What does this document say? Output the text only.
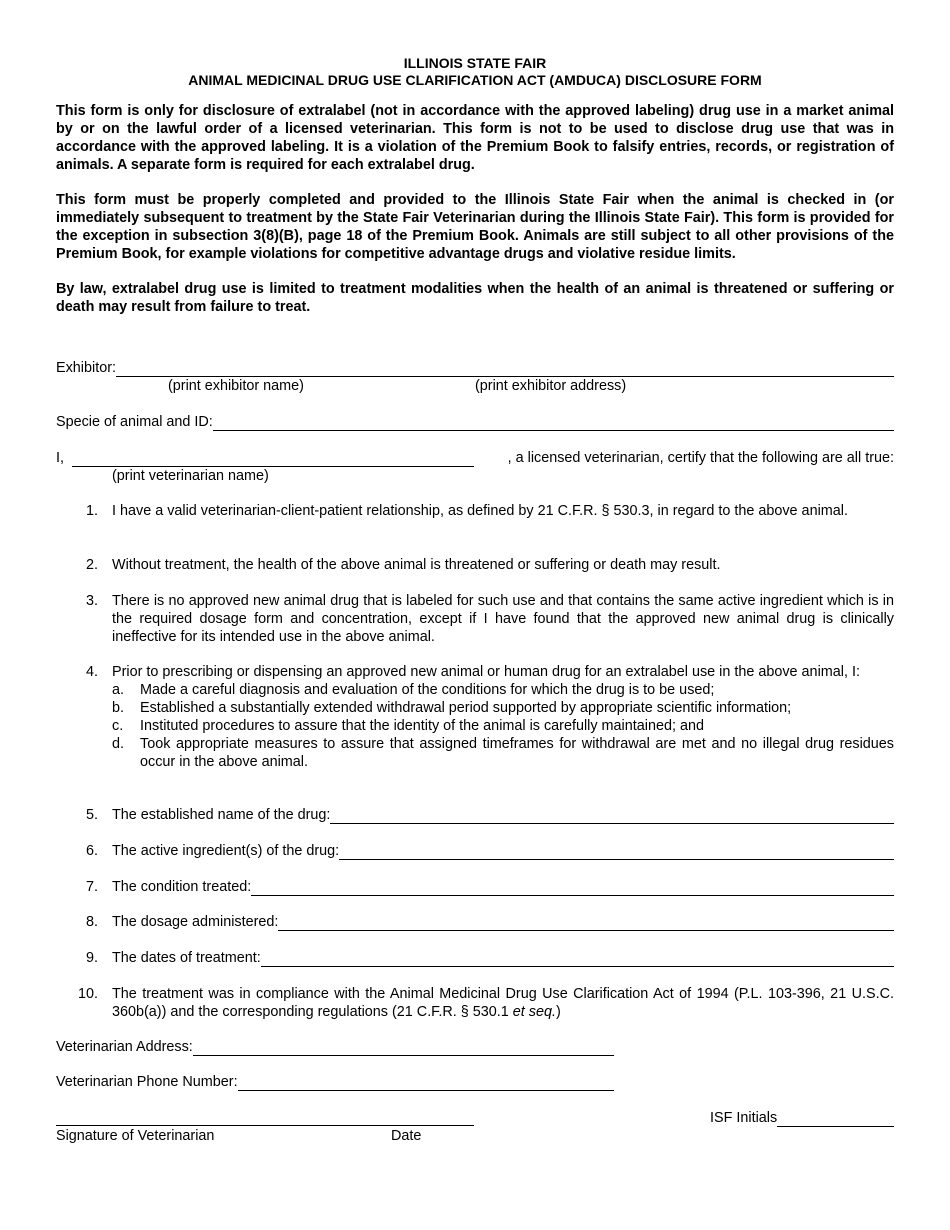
ILLINOIS STATE FAIR
ANIMAL MEDICINAL DRUG USE CLARIFICATION ACT (AMDUCA) DISCLOSURE FORM

This form is only for disclosure of extralabel (not in accordance with the approved labeling) drug use in a market animal by or on the lawful order of a licensed veterinarian. This form is not to be used to disclose drug use that was in accordance with the approved labeling. It is a violation of the Premium Book to falsify entries, records, or registration of animals. A separate form is required for each extralabel drug.

This form must be properly completed and provided to the Illinois State Fair when the animal is checked in (or immediately subsequent to treatment by the State Fair Veterinarian during the Illinois State Fair). This form is provided for the exception in subsection 3(8)(B), page 18 of the Premium Book. Animals are still subject to all other provisions of the Premium Book, for example violations for competitive advantage drugs and violative residue limits.

By law, extralabel drug use is limited to treatment modalities when the health of an animal is threatened or suffering or death may result from failure to treat.

Exhibitor:
(print exhibitor name)	(print exhibitor address)
Specie of animal and ID:
I,	, a licensed veterinarian, certify that the following are all true:
(print veterinarian name)
1. I have a valid veterinarian-client-patient relationship, as defined by 21 C.F.R. § 530.3, in regard to the above animal.
2. Without treatment, the health of the above animal is threatened or suffering or death may result.
3. There is no approved new animal drug that is labeled for such use and that contains the same active ingredient which is in the required dosage form and concentration, except if I have found that the approved new animal drug is clinically ineffective for its intended use in the above animal.
4. Prior to prescribing or dispensing an approved new animal or human drug for an extralabel use in the above animal, I:
a.	Made a careful diagnosis and evaluation of the conditions for which the drug is to be used;
b.	Established a substantially extended withdrawal period supported by appropriate scientific information;
c.	Instituted procedures to assure that the identity of the animal is carefully maintained; and
d.	Took appropriate measures to assure that assigned timeframes for withdrawal are met and no illegal drug residues occur in the above animal.
5. The established name of the drug:
6. The active ingredient(s) of the drug:
7. The condition treated:
8. The dosage administered:
9. The dates of treatment:
10. The treatment was in compliance with the Animal Medicinal Drug Use Clarification Act of 1994 (P.L. 103-396, 21 U.S.C. 360b(a)) and the corresponding regulations (21 C.F.R. § 530.1 et seq.)
Veterinarian Address:
Veterinarian Phone Number:
Signature of Veterinarian	Date
ISF Initials
